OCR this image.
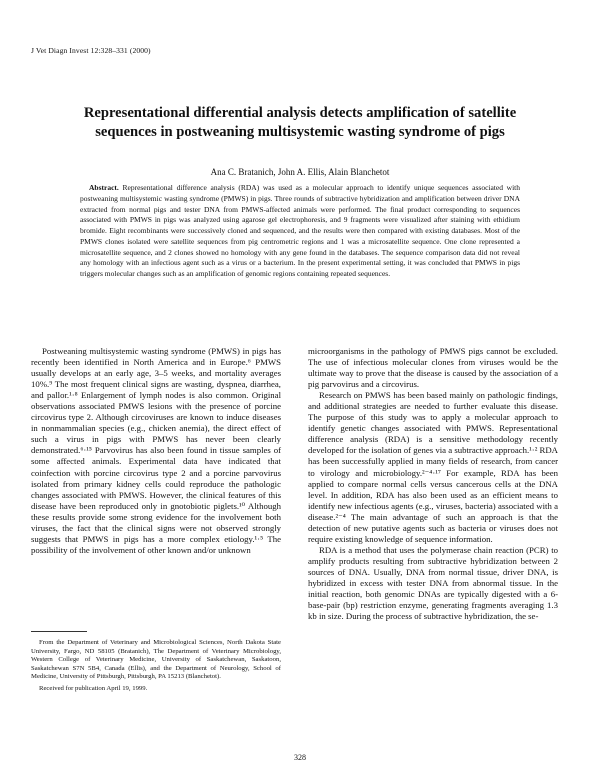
J Vet Diagn Invest 12:328–331 (2000)
Representational differential analysis detects amplification of satellite sequences in postweaning multisystemic wasting syndrome of pigs
Ana C. Bratanich, John A. Ellis, Alain Blanchetot

Abstract. Representational difference analysis (RDA) was used as a molecular approach to identify unique sequences associated with postweaning multisystemic wasting syndrome (PMWS) in pigs. Three rounds of subtractive hybridization and amplification between driver DNA extracted from normal pigs and tester DNA from PMWS-affected animals were performed. The final product corresponding to sequences associated with PMWS in pigs was analyzed using agarose gel electrophoresis, and 9 fragments were visualized after staining with ethidium bromide. Eight recombinants were successively cloned and sequenced, and the results were then compared with existing databases. Most of the PMWS clones isolated were satellite sequences from pig centrometric regions and 1 was a microsatellite sequence. One clone represented a microsatellite sequence, and 2 clones showed no homology with any gene found in the databases. The sequence comparison data did not reveal any homology with an infectious agent such as a virus or a bacterium. In the present experimental setting, it was concluded that PMWS in pigs triggers molecular changes such as an amplification of genomic regions containing repeated sequences.

Postweaning multisystemic wasting syndrome (PMWS) in pigs has recently been identified in North America and in Europe.⁶ PMWS usually develops at an early age, 3–5 weeks, and mortality averages 10%.⁹ The most frequent clinical signs are wasting, dyspnea, diarrhea, and pallor.¹·⁸ Enlargement of lymph nodes is also common. Original observations associated PMWS lesions with the presence of porcine circovirus type 2. Although circoviruses are known to induce diseases in nonmammalian species (e.g., chicken anemia), the direct effect of such a virus in pigs with PMWS has never been clearly demonstrated.⁶·¹⁵ Parvovirus has also been found in tissue samples of some affected animals. Experimental data have indicated that coinfection with porcine circovirus type 2 and a porcine parvovirus isolated from primary kidney cells could reproduce the pathologic changes associated with PMWS. However, the clinical features of this disease have been reproduced only in gnotobiotic piglets.¹⁰ Although these results provide some strong evidence for the involvement both viruses, the fact that the clinical signs were not observed strongly suggests that PMWS in pigs has a more complex etiology.¹·⁵ The possibility of the involvement of other known and/or unknown

microorganisms in the pathology of PMWS pigs cannot be excluded. The use of infectious molecular clones from viruses would be the ultimate way to prove that the disease is caused by the association of a pig parvovirus and a circovirus.

Research on PMWS has been based mainly on pathologic findings, and additional strategies are needed to further evaluate this disease. The purpose of this study was to apply a molecular approach to identify genetic changes associated with PMWS. Representational difference analysis (RDA) is a sensitive methodology recently developed for the isolation of genes via a subtractive approach.¹·² RDA has been successfully applied in many fields of research, from cancer to virology and microbiology.²⁻⁴·¹⁷ For example, RDA has been applied to compare normal cells versus cancerous cells at the DNA level. In addition, RDA has also been used as an efficient means to identify new infectious agents (e.g., viruses, bacteria) associated with a disease.²⁻⁴ The main advantage of such an approach is that the detection of new putative agents such as bacteria or viruses does not require existing knowledge of sequence information.

RDA is a method that uses the polymerase chain reaction (PCR) to amplify products resulting from subtractive hybridization between 2 sources of DNA. Usually, DNA from normal tissue, driver DNA, is hybridized in excess with tester DNA from abnormal tissue. In the initial reaction, both genomic DNAs are typically digested with a 6-base-pair (bp) restriction enzyme, generating fragments averaging 1.3 kb in size. During the process of subtractive hybridization, the se-

From the Department of Veterinary and Microbiological Sciences, North Dakota State University, Fargo, ND 58105 (Bratanich), The Department of Veterinary Microbiology, Western College of Veterinary Medicine, University of Saskatchewan, Saskatoon, Saskatchewan S7N 5B4, Canada (Ellis), and the Department of Neurology, School of Medicine, University of Pittsburgh, Pittsburgh, PA 15213 (Blanchetot).

Received for publication April 19, 1999.

328
